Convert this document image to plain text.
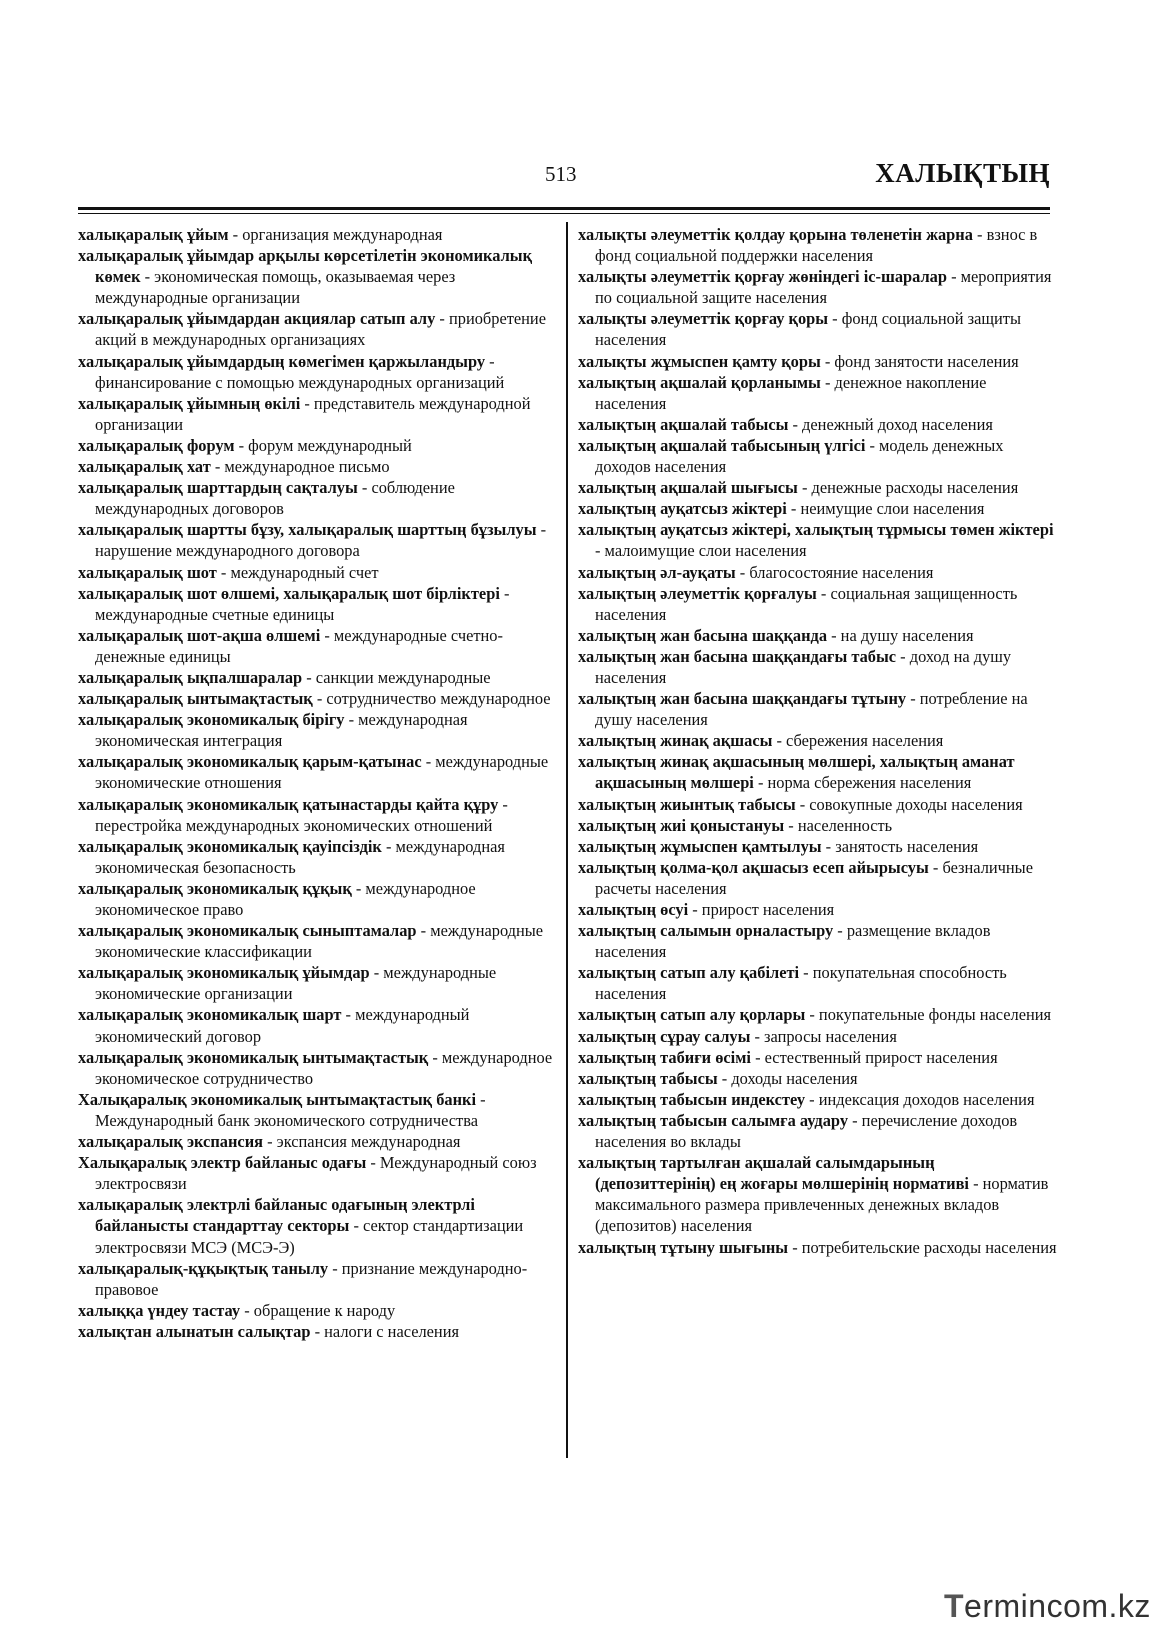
513	ХАЛЫҚТЫҢ
халықаралық ұйым - организация международная
халықаралық ұйымдар арқылы көрсетілетін экономикалық көмек - экономическая помощь, оказываемая через международные организации
халықаралық ұйымдардан акциялар сатып алу - приобретение акций в международных организациях
халықаралық ұйымдардың көмегімен қаржыландыру - финансирование с помощью международных организаций
халықаралық ұйымның өкілі - представитель международной организации
халықаралық форум - форум международный
халықаралық хат - международное письмо
халықаралық шарттардың сақталуы - соблюдение международных договоров
халықаралық шартты бұзу, халықаралық шарттың бұзылуы - нарушение международного договора
халықаралық шот - международный счет
халықаралық шот өлшемі, халықаралық шот бірліктері - международные счетные единицы
халықаралық шот-ақша өлшемі - международные счетно-денежные единицы
халықаралық ықпалшаралар - санкции международные
халықаралық ынтымақтастық - сотрудничество международное
халықаралық экономикалық бірігу - международная экономическая интеграция
халықаралық экономикалық қарым-қатынас - международные экономические отношения
халықаралық экономикалық қатынастарды қайта құру - перестройка международных экономических отношений
халықаралық экономикалық қауіпсіздік - международная экономическая безопасность
халықаралық экономикалық құқық - международное экономическое право
халықаралық экономикалық сыныптамалар - международные экономические классификации
халықаралық экономикалық ұйымдар - международные экономические организации
халықаралық экономикалық шарт - международный экономический договор
халықаралық экономикалық ынтымақтастық - международное экономическое сотрудничество
Халықаралық экономикалық ынтымақтастық банкі - Международный банк экономического сотрудничества
халықаралық экспансия - экспансия международная
Халықаралық электр байланыс одағы - Международный союз электросвязи
халықаралық электрлі байланыс одағының электрлі байланысты стандарттау секторы - сектор стандартизации электросвязи МСЭ (МСЭ-Э)
халықаралық-құқықтық танылу - признание международно-правовое
халыққа үндеу тастау - обращение к народу
халықтан алынатын салықтар - налоги с населения
халықты әлеуметтік қолдау қорына төленетін жарна - взнос в фонд социальной поддержки населения
халықты әлеуметтік қорғау жөніндегі іс-шаралар - мероприятия по социальной защите населения
халықты әлеуметтік қорғау қоры - фонд социальной защиты населения
халықты жұмыспен қамту қоры - фонд занятости населения
халықтың ақшалай қорланымы - денежное накопление населения
халықтың ақшалай табысы - денежный доход населения
халықтың ақшалай табысының үлгісі - модель денежных доходов населения
халықтың ақшалай шығысы - денежные расходы населения
халықтың ауқатсыз жіктері - неимущие слои населения
халықтың ауқатсыз жіктері, халықтың тұрмысы төмен жіктері - малоимущие слои населения
халықтың әл-ауқаты - благосостояние населения
халықтың әлеуметтік қорғалуы - социальная защищенность населения
халықтың жан басына шаққанда - на душу населения
халықтың жан басына шаққандағы табыс - доход на душу населения
халықтың жан басына шаққандағы тұтыну - потребление на душу населения
халықтың жинақ ақшасы - сбережения населения
халықтың жинақ ақшасының мөлшері, халықтың аманат ақшасының мөлшері - норма сбережения населения
халықтың жиынтық табысы - совокупные доходы населения
халықтың жиі қоныстануы - населенность
халықтың жұмыспен қамтылуы - занятость населения
халықтың қолма-қол ақшасыз есеп айырысуы - безналичные расчеты населения
халықтың өсуі - прирост населения
халықтың салымын орналастыру - размещение вкладов населения
халықтың сатып алу қабілеті - покупательная способность населения
халықтың сатып алу қорлары - покупательные фонды населения
халықтың сұрау салуы - запросы населения
халықтың табиғи өсімі - естественный прирост населения
халықтың табысы - доходы населения
халықтың табысын индекстеу - индексация доходов населения
халықтың табысын салымға аудару - перечисление доходов населения во вклады
халықтың тартылған ақшалай салымдарының (депозиттерінің) ең жоғары мөлшерінің нормативі - норматив максимального размера привлеченных денежных вкладов (депозитов) населения
халықтың тұтыну шығыны - потребительские расходы населения
Termincom.kz
